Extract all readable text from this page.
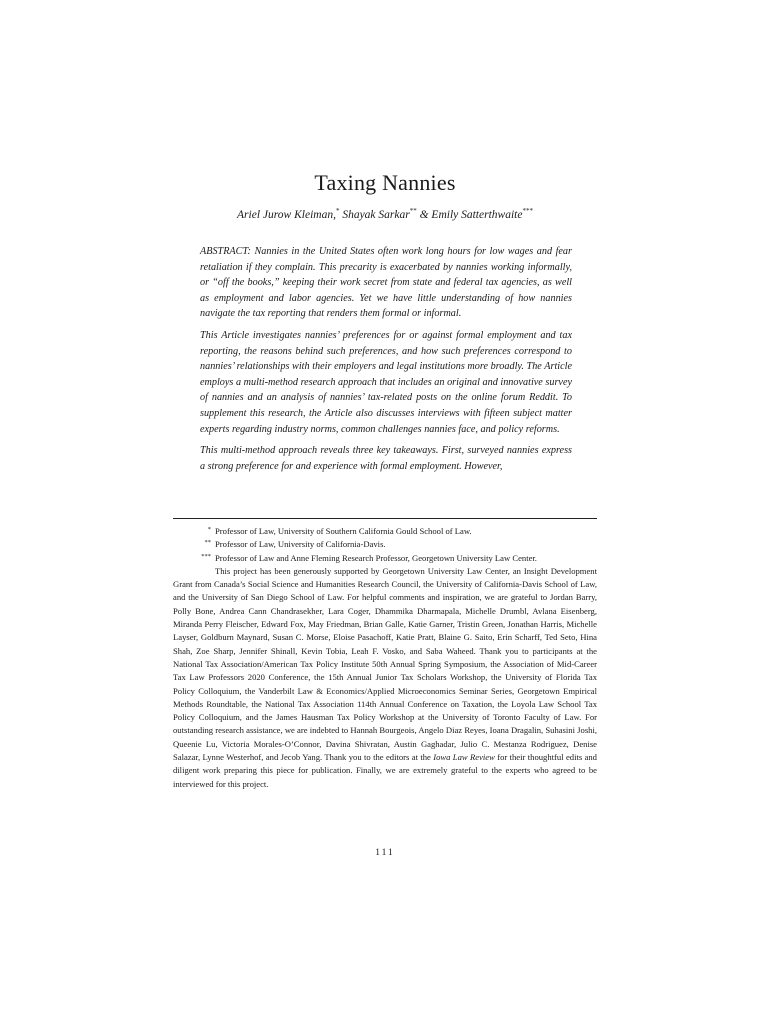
Taxing Nannies
Ariel Jurow Kleiman,* Shayak Sarkar** & Emily Satterthwaite***

ABSTRACT: Nannies in the United States often work long hours for low wages and fear retaliation if they complain. This precarity is exacerbated by nannies working informally, or “off the books,” keeping their work secret from state and federal tax agencies, as well as employment and labor agencies. Yet we have little understanding of how nannies navigate the tax reporting that renders them formal or informal.

This Article investigates nannies’ preferences for or against formal employment and tax reporting, the reasons behind such preferences, and how such preferences correspond to nannies’ relationships with their employers and legal institutions more broadly. The Article employs a multi-method research approach that includes an original and innovative survey of nannies and an analysis of nannies’ tax-related posts on the online forum Reddit. To supplement this research, the Article also discusses interviews with fifteen subject matter experts regarding industry norms, common challenges nannies face, and policy reforms.

This multi-method approach reveals three key takeaways. First, surveyed nannies express a strong preference for and experience with formal employment. However,

* Professor of Law, University of Southern California Gould School of Law.

** Professor of Law, University of California-Davis.

*** Professor of Law and Anne Fleming Research Professor, Georgetown University Law Center.

This project has been generously supported by Georgetown University Law Center, an Insight Development Grant from Canada’s Social Science and Humanities Research Council, the University of California-Davis School of Law, and the University of San Diego School of Law. For helpful comments and inspiration, we are grateful to Jordan Barry, Polly Bone, Andrea Cann Chandrasekher, Lara Coger, Dhammika Dharmapala, Michelle Drumbl, Avlana Eisenberg, Miranda Perry Fleischer, Edward Fox, May Friedman, Brian Galle, Katie Garner, Tristin Green, Jonathan Harris, Michelle Layser, Goldburn Maynard, Susan C. Morse, Eloise Pasachoff, Katie Pratt, Blaine G. Saito, Erin Scharff, Ted Seto, Hina Shah, Zoe Sharp, Jennifer Shinall, Kevin Tobia, Leah F. Vosko, and Saba Waheed. Thank you to participants at the National Tax Association/American Tax Policy Institute 50th Annual Spring Symposium, the Association of Mid-Career Tax Law Professors 2020 Conference, the 15th Annual Junior Tax Scholars Workshop, the University of Florida Tax Policy Colloquium, the Vanderbilt Law & Economics/Applied Microeconomics Seminar Series, Georgetown Empirical Methods Roundtable, the National Tax Association 114th Annual Conference on Taxation, the Loyola Law School Tax Policy Colloquium, and the James Hausman Tax Policy Workshop at the University of Toronto Faculty of Law. For outstanding research assistance, we are indebted to Hannah Bourgeois, Angelo Diaz Reyes, Ioana Dragalin, Suhasini Joshi, Queenie Lu, Victoria Morales-O’Connor, Davina Shivratan, Austin Gaghadar, Julio C. Mestanza Rodriguez, Denise Salazar, Lynne Westerhof, and Jecob Yang. Thank you to the editors at the Iowa Law Review for their thoughtful edits and diligent work preparing this piece for publication. Finally, we are extremely grateful to the experts who agreed to be interviewed for this project.

111
